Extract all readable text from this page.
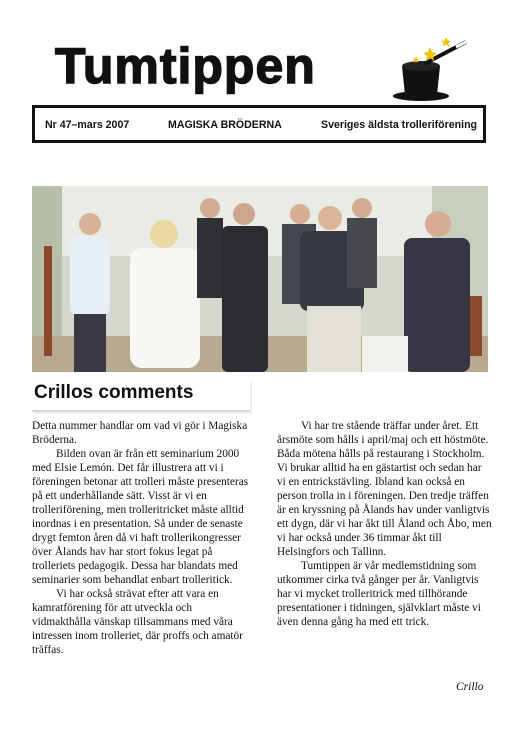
Tumtippen
Nr 47–mars 2007	MAGISKA BRÖDERNA	Sveriges äldsta trolleriförening
Crillos comments

Detta nummer handlar om vad vi gör i Magiska Bröderna.

Bilden ovan är från ett seminarium 2000 med Elsie Lemón. Det får illustrera att vi i föreningen betonar att trolleri måste presenteras på ett underhållande sätt. Visst är vi en trolleriförening, men trolleritricket måste alltid inordnas i en presentation. Så under de senaste drygt femton åren då vi haft trollerikongresser över Ålands hav har stort fokus legat på trolleriets pedagogik. Dessa har blandats med seminarier som behandlat enbart trolleritick.

Vi har också strävat efter att vara en kamratförening för att utveckla och vidmakthålla vänskap tillsammans med våra intressen inom trolleriet, där proffs och amatör träffas.

Vi har tre stående träffar under året. Ett årsmöte som hålls i april/maj och ett höstmöte. Båda mötena hålls på restaurang i Stockholm. Vi brukar alltid ha en gästartist och sedan har vi en entrickstävling. Ibland kan också en person trolla in i föreningen. Den tredje träffen är en kryssning på Ålands hav under vanligtvis ett dygn, där vi har åkt till Åland och Åbo, men vi har också under 36 timmar åkt till Helsingfors och Tallinn.

Tumtippen är vår medlemstidning som utkommer cirka två gånger per år. Vanligtvis har vi mycket trolleritrick med tillhörande presentationer i tidningen, självklart måste vi även denna gång ha med ett trick.

Crillo
